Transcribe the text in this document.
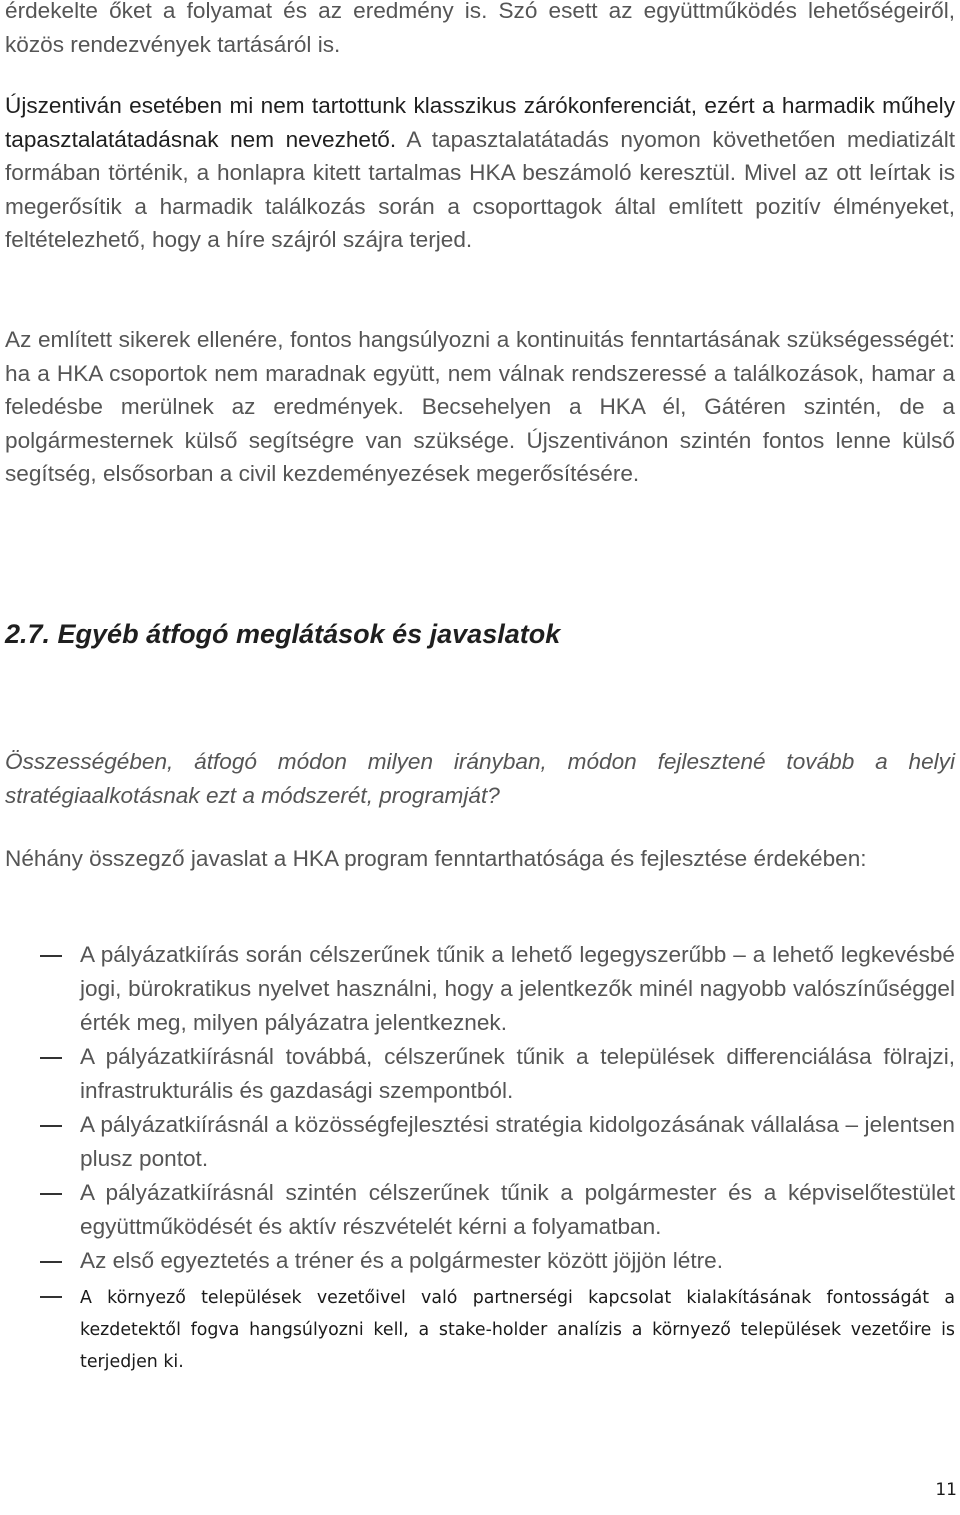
érdekelte őket a folyamat és az eredmény is. Szó esett az együttműködés lehetőségeiről, közös rendezvények tartásáról is.

Újszentiván esetében mi nem tartottunk klasszikus zárókonferenciát, ezért a harmadik műhely tapasztalatátadásnak nem nevezhető. A tapasztalatátadás nyomon követhetően mediatizált formában történik, a honlapra kitett tartalmas HKA beszámoló keresztül. Mivel az ott leírtak is megerősítik a harmadik találkozás során a csoporttagok által említett pozitív élményeket, feltételezhető, hogy a híre szájról szájra terjed.

Az említett sikerek ellenére, fontos hangsúlyozni a kontinuitás fenntartásának szükségességét: ha a HKA csoportok nem maradnak együtt, nem válnak rendszeressé a találkozások, hamar a feledésbe merülnek az eredmények. Becsehelyen a HKA él, Gátéren szintén, de a polgármesternek külső segítségre van szüksége. Újszentivánon szintén fontos lenne külső segítség, elsősorban a civil kezdeményezések megerősítésére.

2.7. Egyéb átfogó meglátások és javaslatok

Összességében, átfogó módon milyen irányban, módon fejlesztené tovább a helyi stratégiaalkotásnak ezt a módszerét, programját?

Néhány összegző javaslat a HKA program fenntarthatósága és fejlesztése érdekében:

A pályázatkiírás során célszerűnek tűnik a lehető legegyszerűbb – a lehető legkevésbé jogi, bürokratikus nyelvet használni, hogy a jelentkezők minél nagyobb valószínűséggel érték meg, milyen pályázatra jelentkeznek.
A pályázatkiírásnál továbbá, célszerűnek tűnik a települések differenciálása fölrajzi, infrastrukturális és gazdasági szempontból.
A pályázatkiírásnál a közösségfejlesztési stratégia kidolgozásának vállalása – jelentsen plusz pontot.
A pályázatkiírásnál szintén célszerűnek tűnik a polgármester és a képviselőtestület együttműködését és aktív részvételét kérni a folyamatban.
Az első egyeztetés a tréner és a polgármester között jöjjön létre.
A környező települések vezetőivel való partnerségi kapcsolat kialakításának fontosságát a kezdetektől fogva hangsúlyozni kell, a stake-holder analízis a környező települések vezetőire is terjedjen ki.
11
